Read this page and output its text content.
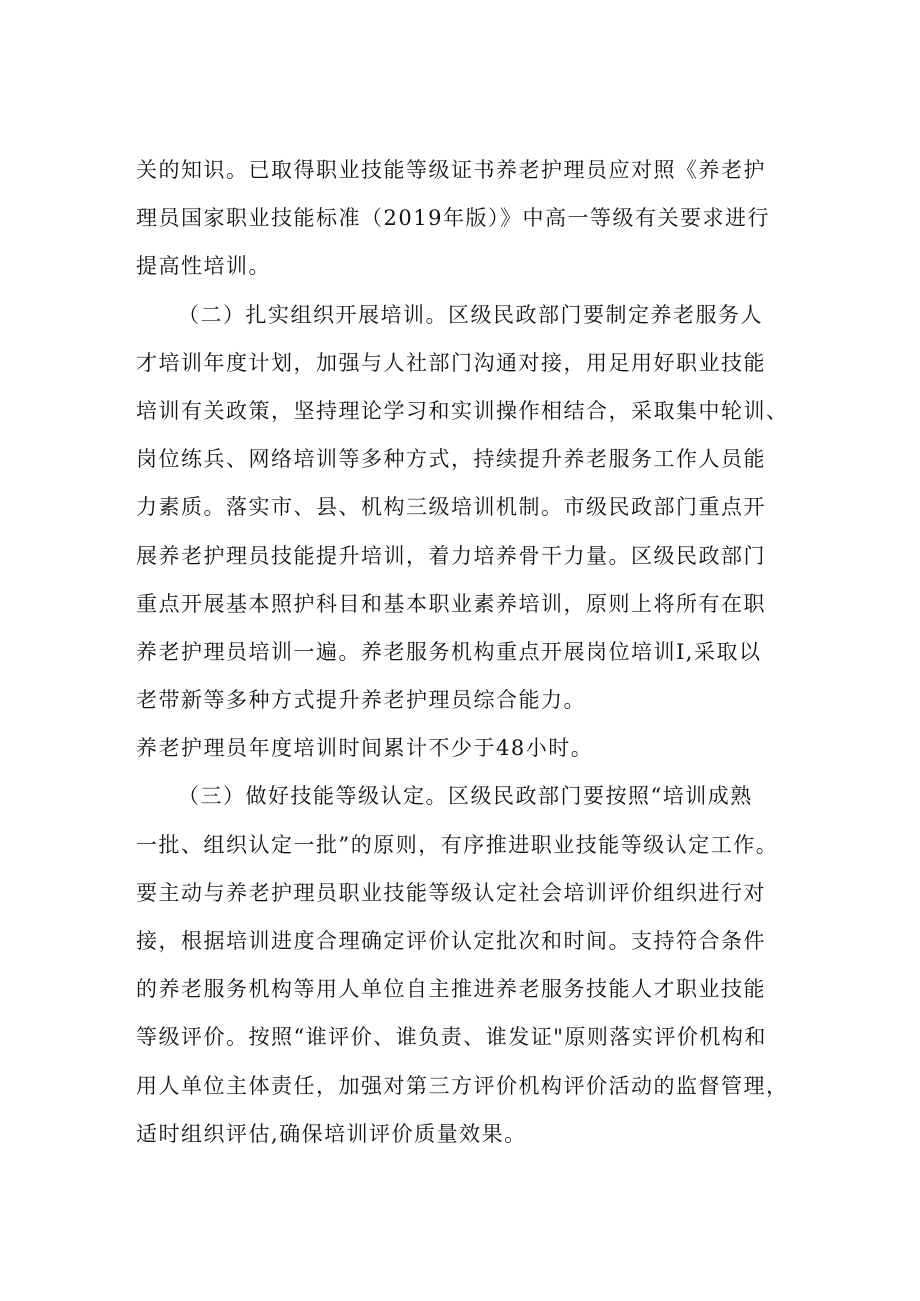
关的知识。已取得职业技能等级证书养老护理员应对照《养老护
理员国家职业技能标准（2019年版）》中高一等级有关要求进行
提高性培训。
（二）扎实组织开展培训。区级民政部门要制定养老服务人
才培训年度计划，加强与人社部门沟通对接，用足用好职业技能
培训有关政策，坚持理论学习和实训操作相结合，采取集中轮训、
岗位练兵、网络培训等多种方式，持续提升养老服务工作人员能
力素质。落实市、县、机构三级培训机制。市级民政部门重点开
展养老护理员技能提升培训，着力培养骨干力量。区级民政部门
重点开展基本照护科目和基本职业素养培训，原则上将所有在职
养老护理员培训一遍。养老服务机构重点开展岗位培训I,采取以
老带新等多种方式提升养老护理员综合能力。
养老护理员年度培训时间累计不少于48小时。
（三）做好技能等级认定。区级民政部门要按照“培训成熟
一批、组织认定一批”的原则，有序推进职业技能等级认定工作。
要主动与养老护理员职业技能等级认定社会培训评价组织进行对
接，根据培训进度合理确定评价认定批次和时间。支持符合条件
的养老服务机构等用人单位自主推进养老服务技能人才职业技能
等级评价。按照“谁评价、谁负责、谁发证"原则落实评价机构和
用人单位主体责任，加强对第三方评价机构评价活动的监督管理，
适时组织评估,确保培训评价质量效果。
